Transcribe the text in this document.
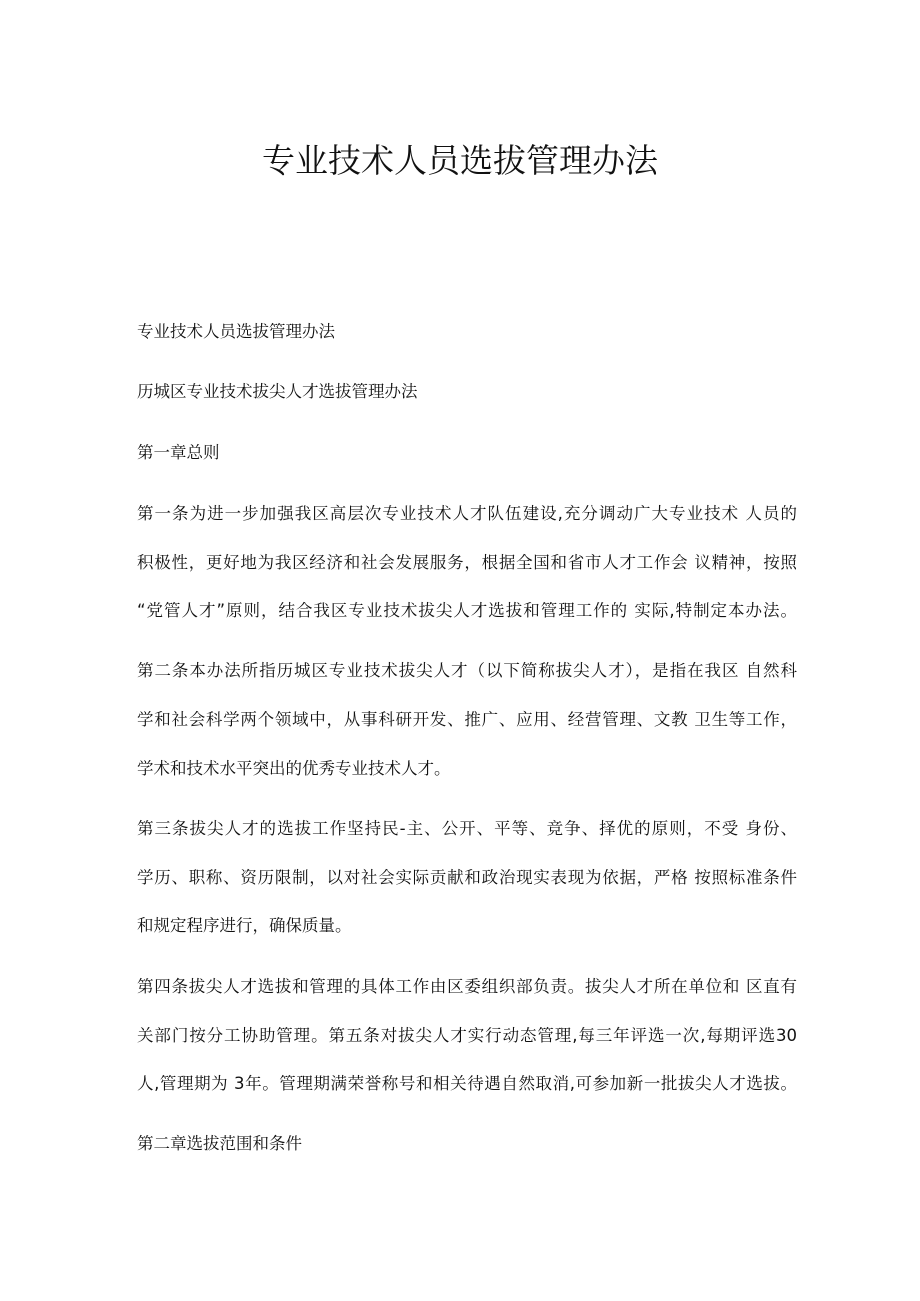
专业技术人员选拔管理办法
专业技术人员选拔管理办法
历城区专业技术拔尖人才选拔管理办法
第一章总则
第一条为进一步加强我区高层次专业技术人才队伍建设,充分调动广大专业技术 人员的
积极性，更好地为我区经济和社会发展服务，根据全国和省市人才工作会 议精神，按照
“党管人才”原则，结合我区专业技术拔尖人才选拔和管理工作的 实际,特制定本办法。
第二条本办法所指历城区专业技术拔尖人才（以下简称拔尖人才），是指在我区 自然科
学和社会科学两个领域中，从事科研开发、推广、应用、经营管理、文教 卫生等工作，
学术和技术水平突出的优秀专业技术人才。
第三条拔尖人才的选拔工作坚持民-主、公开、平等、竞争、择优的原则，不受 身份、
学历、职称、资历限制，以对社会实际贡献和政治现实表现为依据，严格 按照标准条件
和规定程序进行，确保质量。
第四条拔尖人才选拔和管理的具体工作由区委组织部负责。拔尖人才所在单位和 区直有
关部门按分工协助管理。第五条对拔尖人才实行动态管理,每三年评选一次,每期评选30
人,管理期为 3年。管理期满荣誉称号和相关待遇自然取消,可参加新一批拔尖人才选拔。
第二章选拔范围和条件
